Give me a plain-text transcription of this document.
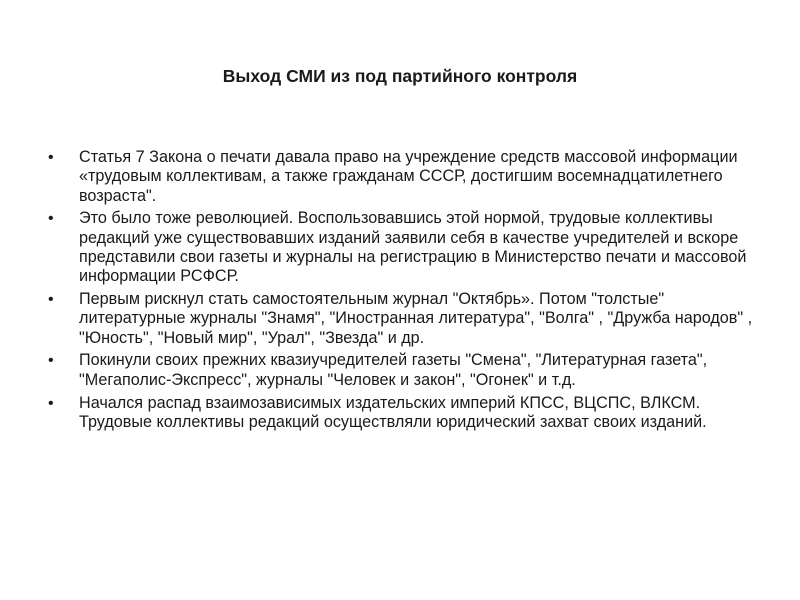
Выход СМИ из под партийного контроля
•	Статья 7 Закона о печати давала право на учреждение средств массовой информации «трудовым коллективам, а также гражданам СССР, достигшим восемнадцатилетнего возраста".
•	Это было тоже революцией. Воспользовавшись этой нормой, трудовые коллективы редакций уже существовавших изданий заявили себя в качестве учредителей и вскоре представили свои газеты и журналы на регистрацию в Министерство печати и массовой информации РСФСР.
•	Первым рискнул стать самостоятельным журнал "Октябрь». Потом "толстые" литературные журналы "Знамя", "Иностранная литература", "Волга" , "Дружба народов" , "Юность", "Новый мир", "Урал", "Звезда" и др.
•	Покинули своих прежних квазиучредителей газеты "Смена", "Литературная газета", "Мегаполис-Экспресс", журналы "Человек и закон", "Огонек" и т.д.
•	Начался распад взаимозависимых издательских империй КПСС, ВЦСПС, ВЛКСМ. Трудовые коллективы редакций осуществляли юридический захват своих изданий.
